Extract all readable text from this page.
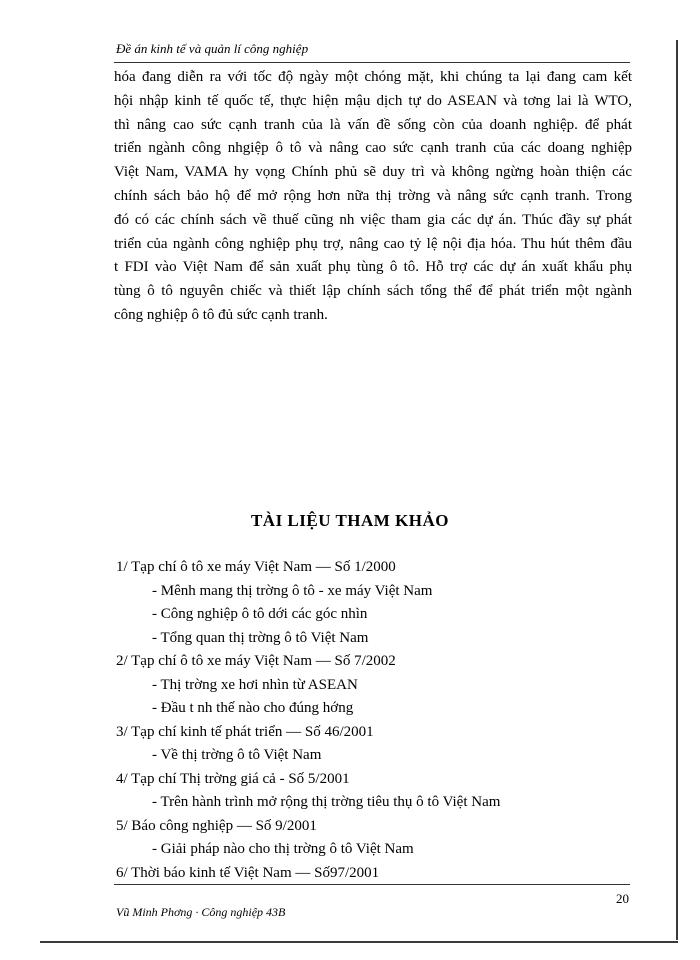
Đề án kinh tế và quản lí công nghiệp

hóa đang diễn ra với tốc độ ngày một chóng mặt, khi chúng ta lại đang cam kết
hội nhập kinh tế quốc tế, thực hiện mậu dịch tự do ASEAN và tơng lai là WTO,
thì nâng cao sức cạnh tranh của là vấn đề sống còn của doanh nghiệp. để phát
triển ngành công nhgiệp ô tô và nâng cao sức cạnh tranh của các doang nghiệp
Việt Nam, VAMA hy vọng Chính phủ sẽ duy trì và không ngừng hoàn thiện các
chính sách bảo hộ để mở rộng hơn nữa thị trờng và nâng sức cạnh tranh. Trong
đó có các chính sách về thuế cũng nh việc tham gia các dự án. Thúc đầy sự phát
triển của ngành công nghiệp phụ trợ, nâng cao tỷ lệ nội địa hóa. Thu hút thêm đầu
t FDI vào Việt Nam để sản xuất phụ tùng ô tô. Hỗ trợ các dự án xuất khẩu phụ
tùng ô tô nguyên chiếc và thiết lập chính sách tổng thể để phát triển một ngành
công nghiệp ô tô đủ sức cạnh tranh.

TÀI LIỆU THAM KHẢO
1/ Tạp chí ô tô xe máy Việt Nam — Số 1/2000
- Mênh mang thị trờng ô tô - xe máy Việt Nam
- Công nghiệp ô tô dới các góc nhìn
- Tổng quan thị trờng ô tô Việt Nam
2/ Tạp chí ô tô xe máy Việt Nam — Số 7/2002
- Thị trờng xe hơi nhìn từ ASEAN
- Đầu t nh thế nào cho đúng hớng
3/ Tạp chí kinh tế phát triển — Số 46/2001
- Về thị trờng ô tô Việt Nam
4/ Tạp chí Thị trờng giá cả - Số 5/2001
- Trên hành trình mở rộng thị trờng tiêu thụ ô tô Việt Nam
5/ Báo công nghiệp — Số 9/2001
- Giải pháp nào cho thị trờng ô tô Việt Nam
6/ Thời báo kinh tế Việt Nam — Số97/2001
20
Vũ Minh Phơng · Công nghiệp 43B
